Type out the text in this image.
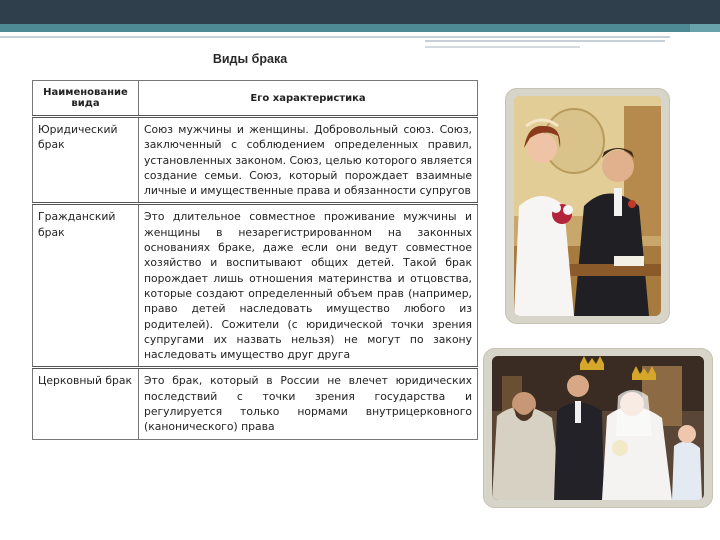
Виды брака
Наименование вида	Его характеристика
Юридический брак	Союз мужчины и женщины. Добровольный союз. Союз, заключенный с соблюдением определенных правил, установленных законом. Союз, целью которого является создание семьи. Союз, который порождает взаимные личные и имущественные права и обязанности супругов
Гражданский брак	Это длительное совместное проживание мужчины и женщины в незарегистрированном на законных основаниях браке, даже если они ведут совместное хозяйство и воспитывают общих детей. Такой брак порождает лишь отношения материнства и отцовства, которые создают определенный объем прав (например, право детей наследовать имущество любого из родителей). Сожители (с юридической точки зрения супругами их назвать нельзя) не могут по закону наследовать имущество друг друга
Церковный брак	Это брак, который в России не влечет юридических последствий с точки зрения государства и регулируется только нормами внутрицерковного (канонического) права
